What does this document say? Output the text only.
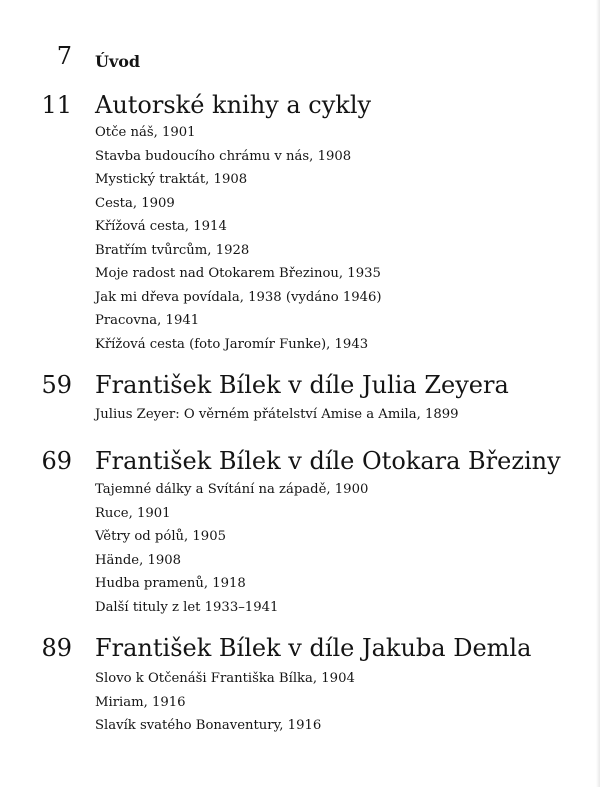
7 Úvod
11 Autorské knihy a cykly
Otče náš, 1901
Stavba budoucího chrámu v nás, 1908
Mystický traktát, 1908
Cesta, 1909
Křížová cesta, 1914
Bratřím tvůrcům, 1928
Moje radost nad Otokarem Březinou, 1935
Jak mi dřeva povídala, 1938 (vydáno 1946)
Pracovna, 1941
Křížová cesta (foto Jaromír Funke), 1943
59 František Bílek v díle Julia Zeyera
Julius Zeyer: O věrném přátelství Amise a Amila, 1899
69 František Bílek v díle Otokara Březiny
Tajemné dálky a Svítání na západě, 1900
Ruce, 1901
Větry od pólů, 1905
Hände, 1908
Hudba pramenů, 1918
Další tituly z let 1933–1941
89 František Bílek v díle Jakuba Demla
Slovo k Otčenáši Františka Bílka, 1904
Miriam, 1916
Slavík svatého Bonaventury, 1916
